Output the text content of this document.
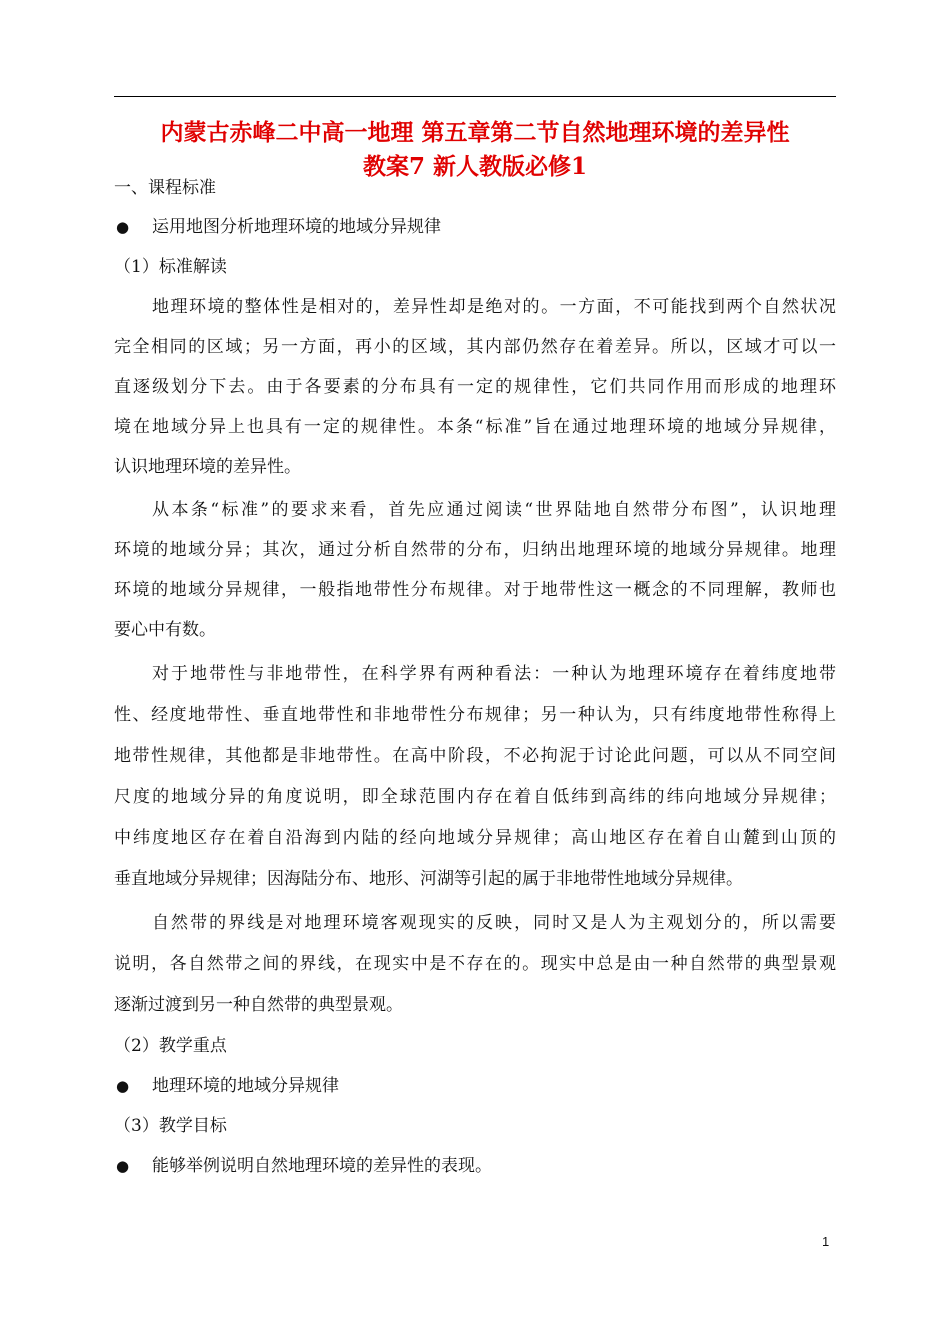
内蒙古赤峰二中高一地理 第五章第二节自然地理环境的差异性
教案7 新人教版必修1
一、课程标准
● 运用地图分析地理环境的地域分异规律
（1）标准解读
地理环境的整体性是相对的，差异性却是绝对的。一方面，不可能找到两个自然状况
完全相同的区域；另一方面，再小的区域，其内部仍然存在着差异。所以，区域才可以一
直逐级划分下去。由于各要素的分布具有一定的规律性，它们共同作用而形成的地理环
境在地域分异上也具有一定的规律性。本条“标准”旨在通过地理环境的地域分异规律，
认识地理环境的差异性。
从本条“标准”的要求来看，首先应通过阅读“世界陆地自然带分布图”，认识地理
环境的地域分异；其次，通过分析自然带的分布，归纳出地理环境的地域分异规律。地理
环境的地域分异规律，一般指地带性分布规律。对于地带性这一概念的不同理解，教师也
要心中有数。
对于地带性与非地带性，在科学界有两种看法：一种认为地理环境存在着纬度地带
性、经度地带性、垂直地带性和非地带性分布规律；另一种认为，只有纬度地带性称得上
地带性规律，其他都是非地带性。在高中阶段，不必拘泥于讨论此问题，可以从不同空间
尺度的地域分异的角度说明，即全球范围内存在着自低纬到高纬的纬向地域分异规律；
中纬度地区存在着自沿海到内陆的经向地域分异规律；高山地区存在着自山麓到山顶的
垂直地域分异规律；因海陆分布、地形、河湖等引起的属于非地带性地域分异规律。
自然带的界线是对地理环境客观现实的反映，同时又是人为主观划分的，所以需要
说明，各自然带之间的界线，在现实中是不存在的。现实中总是由一种自然带的典型景观
逐渐过渡到另一种自然带的典型景观。
（2）教学重点
● 地理环境的地域分异规律
（3）教学目标
● 能够举例说明自然地理环境的差异性的表现。
1
